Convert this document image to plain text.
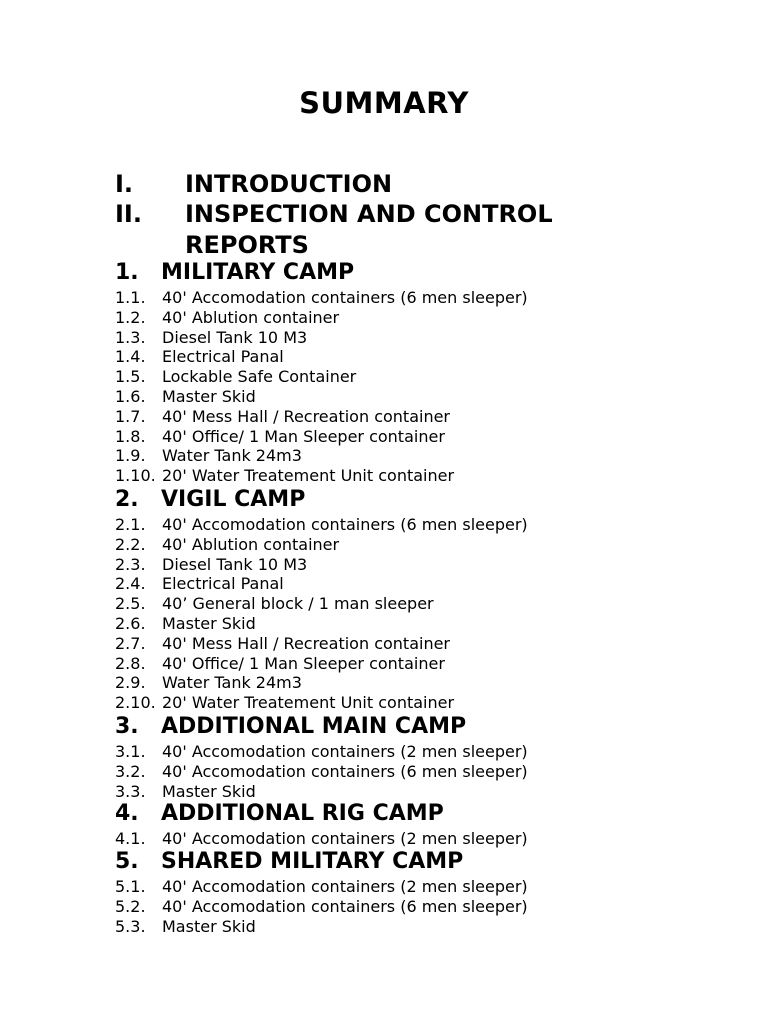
SUMMARY
I. INTRODUCTION
II. INSPECTION AND CONTROL REPORTS
1. MILITARY CAMP
1.1. 40' Accomodation containers (6 men sleeper)
1.2. 40' Ablution container
1.3. Diesel Tank 10 M3
1.4. Electrical Panal
1.5. Lockable Safe Container
1.6. Master Skid
1.7. 40' Mess Hall / Recreation container
1.8. 40' Office/ 1 Man Sleeper container
1.9. Water Tank 24m3
1.10. 20' Water Treatement Unit container
2. VIGIL CAMP
2.1. 40' Accomodation containers (6 men sleeper)
2.2. 40' Ablution container
2.3. Diesel Tank 10 M3
2.4. Electrical Panal
2.5. 40’ General block / 1 man sleeper
2.6. Master Skid
2.7. 40' Mess Hall / Recreation container
2.8. 40' Office/ 1 Man Sleeper container
2.9. Water Tank 24m3
2.10. 20' Water Treatement Unit container
3. ADDITIONAL MAIN CAMP
3.1. 40' Accomodation containers (2 men sleeper)
3.2. 40' Accomodation containers (6 men sleeper)
3.3. Master Skid
4. ADDITIONAL RIG CAMP
4.1. 40' Accomodation containers (2 men sleeper)
5. SHARED MILITARY CAMP
5.1. 40' Accomodation containers (2 men sleeper)
5.2. 40' Accomodation containers (6 men sleeper)
5.3. Master Skid
